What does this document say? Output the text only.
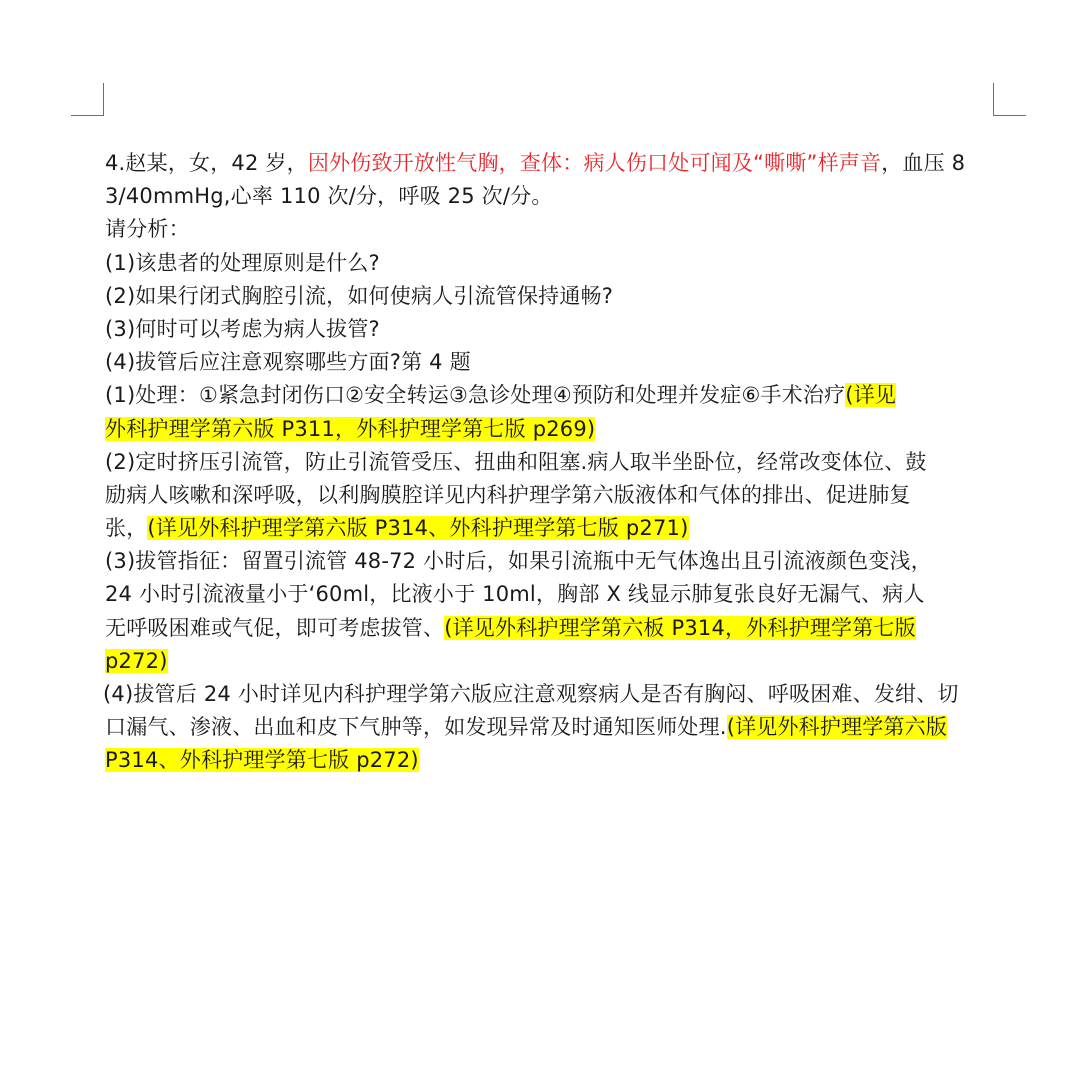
4.赵某，女，42 岁，因外伤致开放性气胸，查体：病人伤口处可闻及“嘶嘶”样声音，血压 8
3/40mmHg,心率 110 次/分，呼吸 25 次/分。
请分析：
(1)该患者的处理原则是什么?
(2)如果行闭式胸腔引流，如何使病人引流管保持通畅?
(3)何时可以考虑为病人拔管?
(4)拔管后应注意观察哪些方面?第 4 题
(1)处理：①紧急封闭伤口②安全转运③急诊处理④预防和处理并发症⑥手术治疗(详见
外科护理学第六版 P311，外科护理学第七版 p269)
(2)定时挤压引流管，防止引流管受压、扭曲和阻塞.病人取半坐卧位，经常改变体位、鼓
励病人咳嗽和深呼吸，以利胸膜腔详见内科护理学第六版液体和气体的排出、促进肺复
张，(详见外科护理学第六版 P314、外科护理学第七版 p271)
(3)拔管指征：留置引流管 48-72 小时后，如果引流瓶中无气体逸出且引流液颜色变浅，
24 小时引流液量小于‘60ml，比液小于 10ml，胸部 X 线显示肺复张良好无漏气、病人
无呼吸困难或气促，即可考虑拔管、(详见外科护理学第六板 P314，外科护理学第七版
p272)
(4)拔管后 24 小时详见内科护理学第六版应注意观察病人是否有胸闷、呼吸困难、发绀、切
口漏气、渗液、出血和皮下气肿等，如发现异常及时通知医师处理.(详见外科护理学第六版
P314、外科护理学第七版 p272)
